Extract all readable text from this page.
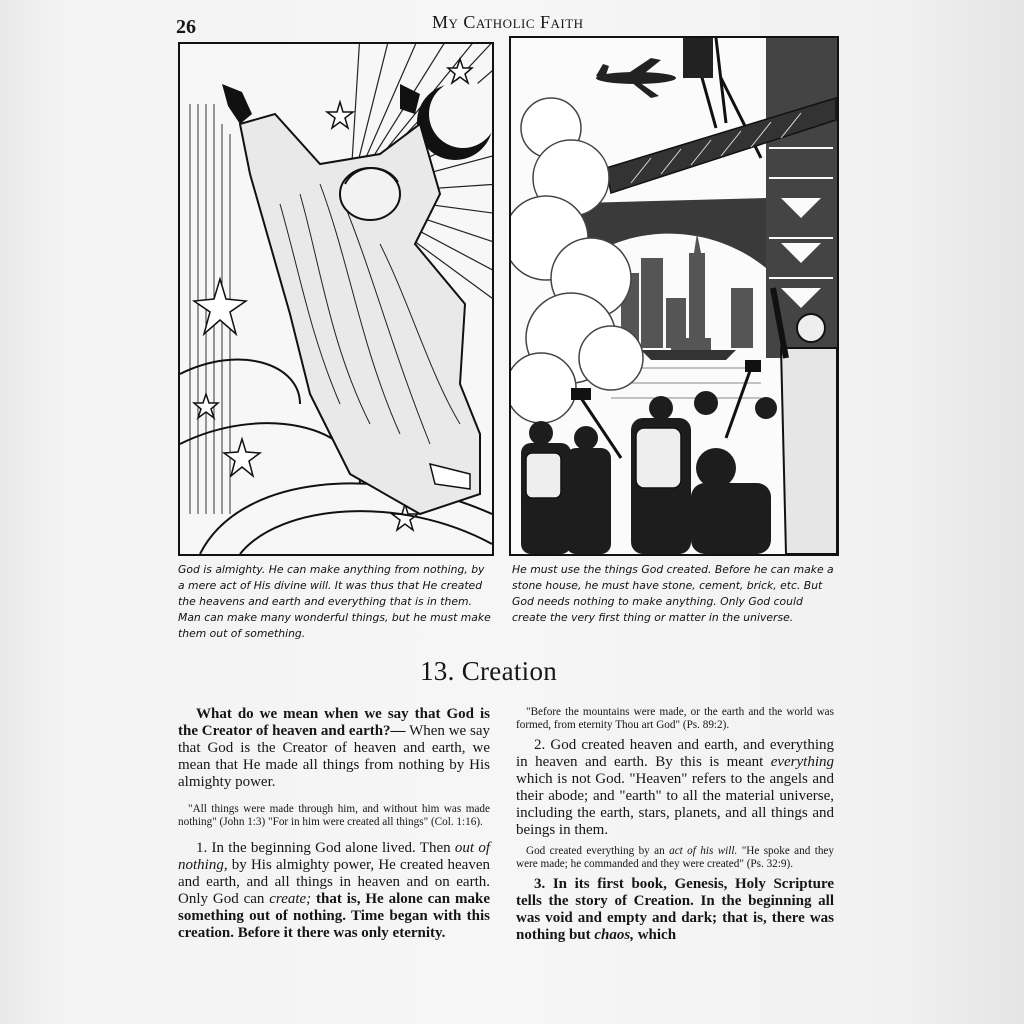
26	My Catholic Faith
God is almighty. He can make anything from nothing, by a mere act of His divine will. It was thus that He created the heavens and earth and everything that is in them. Man can make many wonderful things, but he must make them out of something.
He must use the things God created. Before he can make a stone house, he must have stone, cement, brick, etc. But God needs nothing to make anything. Only God could create the very first thing or matter in the universe.
13. Creation

What do we mean when we say that God is the Creator of heaven and earth?— When we say that God is the Creator of heaven and earth, we mean that He made all things from nothing by His almighty power.

"All things were made through him, and without him was made nothing" (John 1:3) "For in him were created all things" (Col. 1:16).

1. In the beginning God alone lived. Then out of nothing, by His almighty power, He created heaven and earth, and all things in heaven and on earth. Only God can create; that is, He alone can make something out of nothing. Time began with this creation. Before it there was only eternity.

"Before the mountains were made, or the earth and the world was formed, from eternity Thou art God" (Ps. 89:2).

2. God created heaven and earth, and everything in heaven and earth. By this is meant everything which is not God. "Heaven" refers to the angels and their abode; and "earth" to all the material universe, including the earth, stars, planets, and all things and beings in them.

God created everything by an act of his will. "He spoke and they were made; he commanded and they were created" (Ps. 32:9).

3. In its first book, Genesis, Holy Scripture tells the story of Creation. In the beginning all was void and empty and dark; that is, there was nothing but chaos, which
